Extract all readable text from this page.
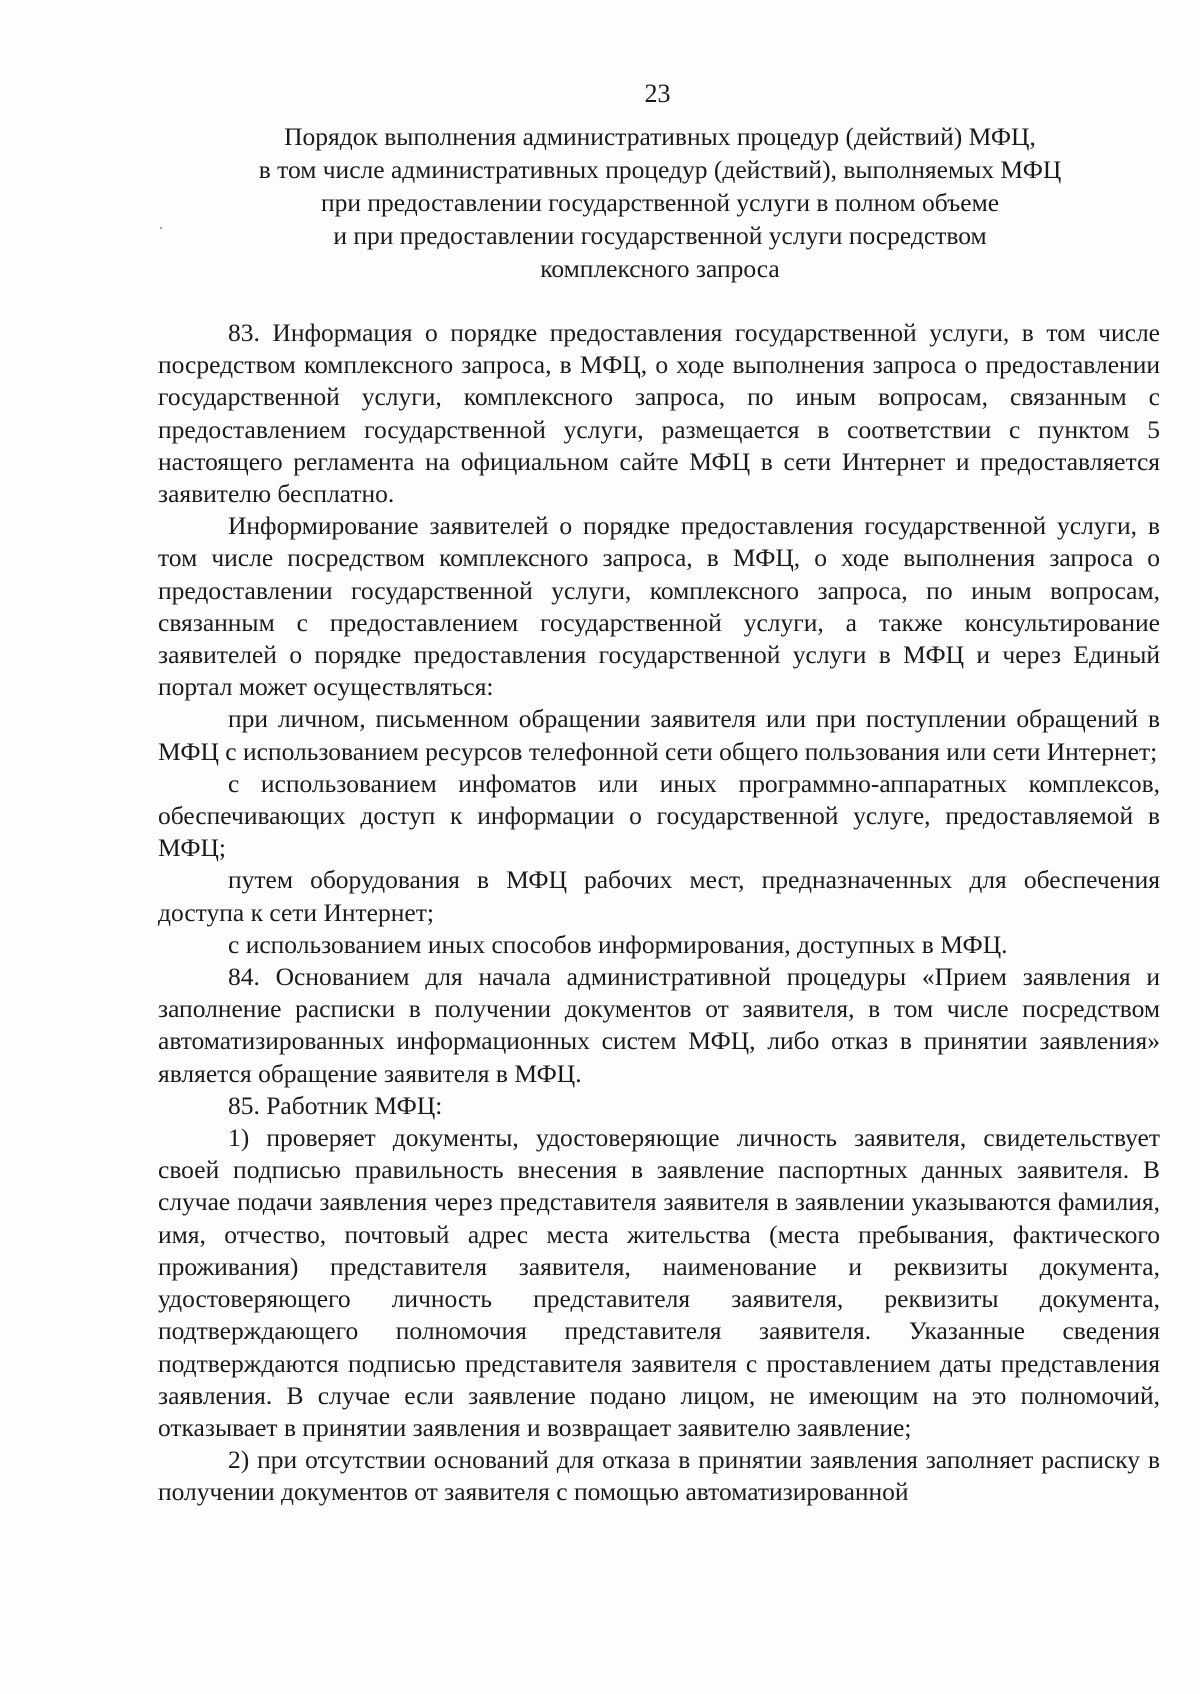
23
Порядок выполнения административных процедур (действий) МФЦ,
в том числе административных процедур (действий), выполняемых МФЦ
при предоставлении государственной услуги в полном объеме
и при предоставлении государственной услуги посредством
комплексного запроса

83. Информация о порядке предоставления государственной услуги, в том числе посредством комплексного запроса, в МФЦ, о ходе выполнения запроса о предоставлении государственной услуги, комплексного запроса, по иным вопросам, связанным с предоставлением государственной услуги, размещается в соответствии с пунктом 5 настоящего регламента на официальном сайте МФЦ в сети Интернет и предоставляется заявителю бесплатно.

Информирование заявителей о порядке предоставления государственной услуги, в том числе посредством комплексного запроса, в МФЦ, о ходе выполнения запроса о предоставлении государственной услуги, комплексного запроса, по иным вопросам, связанным с предоставлением государственной услуги, а также консультирование заявителей о порядке предоставления государственной услуги в МФЦ и через Единый портал может осуществляться:

при личном, письменном обращении заявителя или при поступлении обращений в МФЦ с использованием ресурсов телефонной сети общего пользования или сети Интернет;

с использованием инфоматов или иных программно-аппаратных комплексов, обеспечивающих доступ к информации о государственной услуге, предоставляемой в МФЦ;

путем оборудования в МФЦ рабочих мест, предназначенных для обеспечения доступа к сети Интернет;

с использованием иных способов информирования, доступных в МФЦ.

84. Основанием для начала административной процедуры «Прием заявления и заполнение расписки в получении документов от заявителя, в том числе посредством автоматизированных информационных систем МФЦ, либо отказ в принятии заявления» является обращение заявителя в МФЦ.

85. Работник МФЦ:

1) проверяет документы, удостоверяющие личность заявителя, свидетельствует своей подписью правильность внесения в заявление паспортных данных заявителя. В случае подачи заявления через представителя заявителя в заявлении указываются фамилия, имя, отчество, почтовый адрес места жительства (места пребывания, фактического проживания) представителя заявителя, наименование и реквизиты документа, удостоверяющего личность представителя заявителя, реквизиты документа, подтверждающего полномочия представителя заявителя. Указанные сведения подтверждаются подписью представителя заявителя с проставлением даты представления заявления. В случае если заявление подано лицом, не имеющим на это полномочий, отказывает в принятии заявления и возвращает заявителю заявление;

2) при отсутствии оснований для отказа в принятии заявления заполняет расписку в получении документов от заявителя с помощью автоматизированной
